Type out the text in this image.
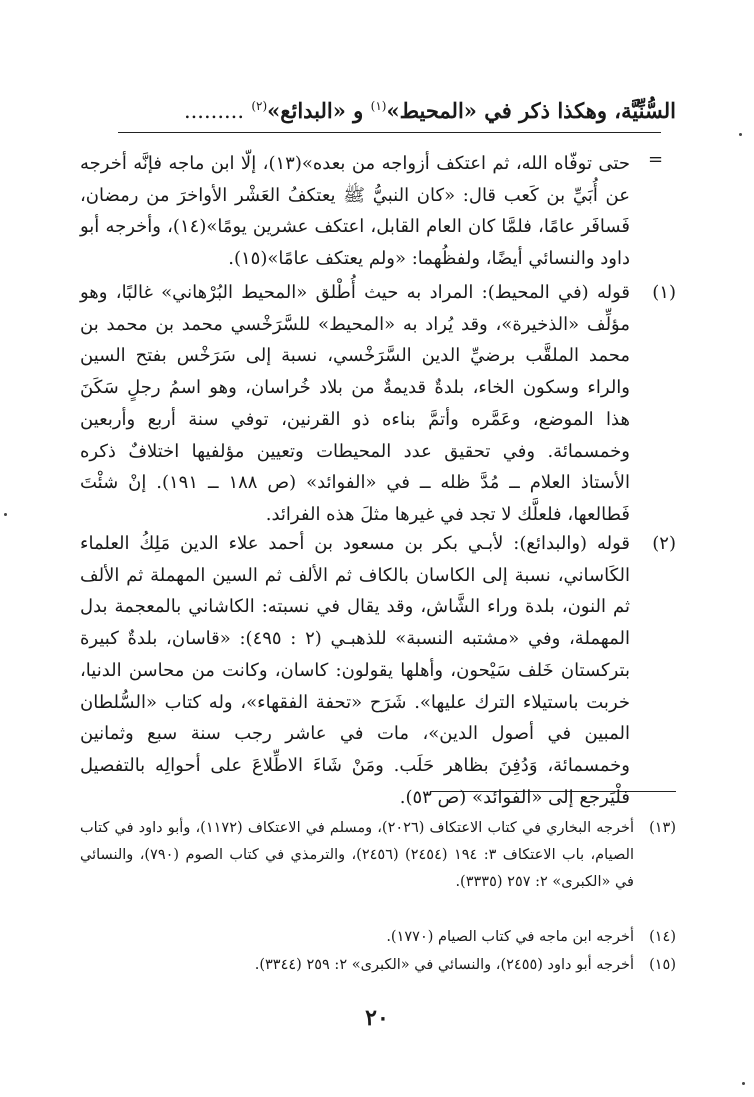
السُّنِّيَّة، وهكذا ذكر في «المحيط»$^{(١)}$ و «البدائع»$^{(٢)}$ .........
=
حتى توفّاه الله، ثم اعتكف أزواجه من بعده»(١٣)، إلّا ابن ماجه فإنَّه أخرجه عن أُبَيِّ بن كَعب قال: «كان النبيُّ ﷺ يعتكفُ العَشْر الأواخرَ من رمضان، فَسافَر عامًا، فلمَّا كان العام القابل، اعتكف عشرين يومًا»(١٤)، وأخرجه أبو داود والنسائي أيضًا، ولفظُهما: «ولم يعتكف عامًا»(١٥).
(١)
قوله (في المحيط): المراد به حيث أُطْلق «المحيط البُرْهاني» غالبًا، وهو مؤلِّف «الذخيرة»، وقد يُراد به «المحيط» للسَّرَخْسي محمد بن محمد بن محمد الملقَّب برضيِّ الدين السَّرَخْسي، نسبة إلى سَرَخْس بفتح السين والراء وسكون الخاء، بلدةٌ قديمةٌ من بلاد خُراسان، وهو اسمُ رجلٍ سَكَنَ هذا الموضع، وعَمَّره وأتمَّ بناءه ذو القرنين، توفي سنة أربع وأربعين وخمسمائة. وفي تحقيق عدد المحيطات وتعيين مؤلفيها اختلافٌ ذكره الأستاذ العلام ــ مُدَّ ظله ــ في «الفوائد» (ص ١٨٨ ــ ١٩١). إنْ شئْتَ فَطالعها، فلعلَّك لا تجد في غيرها مثلَ هذه الفرائد.
(٢)
قوله (والبدائع): لأبـي بكر بن مسعود بن أحمد علاء الدين مَلِكُ العلماء الكَاساني، نسبة إلى الكاسان بالكاف ثم الألف ثم السين المهملة ثم الألف ثم النون، بلدة وراء الشَّاش، وقد يقال في نسبته: الكاشاني بالمعجمة بدل المهملة، وفي «مشتبه النسبة» للذهبـي (٢ : ٤٩٥): «قاسان، بلدةٌ كبيرة بتركستان خَلف سَيْحون، وأهلها يقولون: كاسان، وكانت من محاسن الدنيا، خربت باستيلاء الترك عليها». شَرَح «تحفة الفقهاء»، وله كتاب «السُّلطان المبين في أصول الدين»، مات في عاشر رجب سنة سبع وثمانين وخمسمائة، وَدُفِنَ بظاهر حَلَب. ومَنْ شَاءَ الاطِّلاعَ على أحوالِه بالتفصيل فلْيَرجع إلى «الفوائد» (ص ٥٣).
(١٣)
أخرجه البخاري في كتاب الاعتكاف (٢٠٢٦)، ومسلم في الاعتكاف (١١٧٢)، وأبو داود في كتاب الصيام، باب الاعتكاف ٣: ١٩٤ (٢٤٥٤) (٢٤٥٦)، والترمذي في كتاب الصوم (٧٩٠)، والنسائي في «الكبرى» ٢: ٢٥٧ (٣٣٣٥).
(١٤)
أخرجه ابن ماجه في كتاب الصيام (١٧٧٠).
(١٥)
أخرجه أبو داود (٢٤٥٥)، والنسائي في «الكبرى» ٢: ٢٥٩ (٣٣٤٤).
٢٠
